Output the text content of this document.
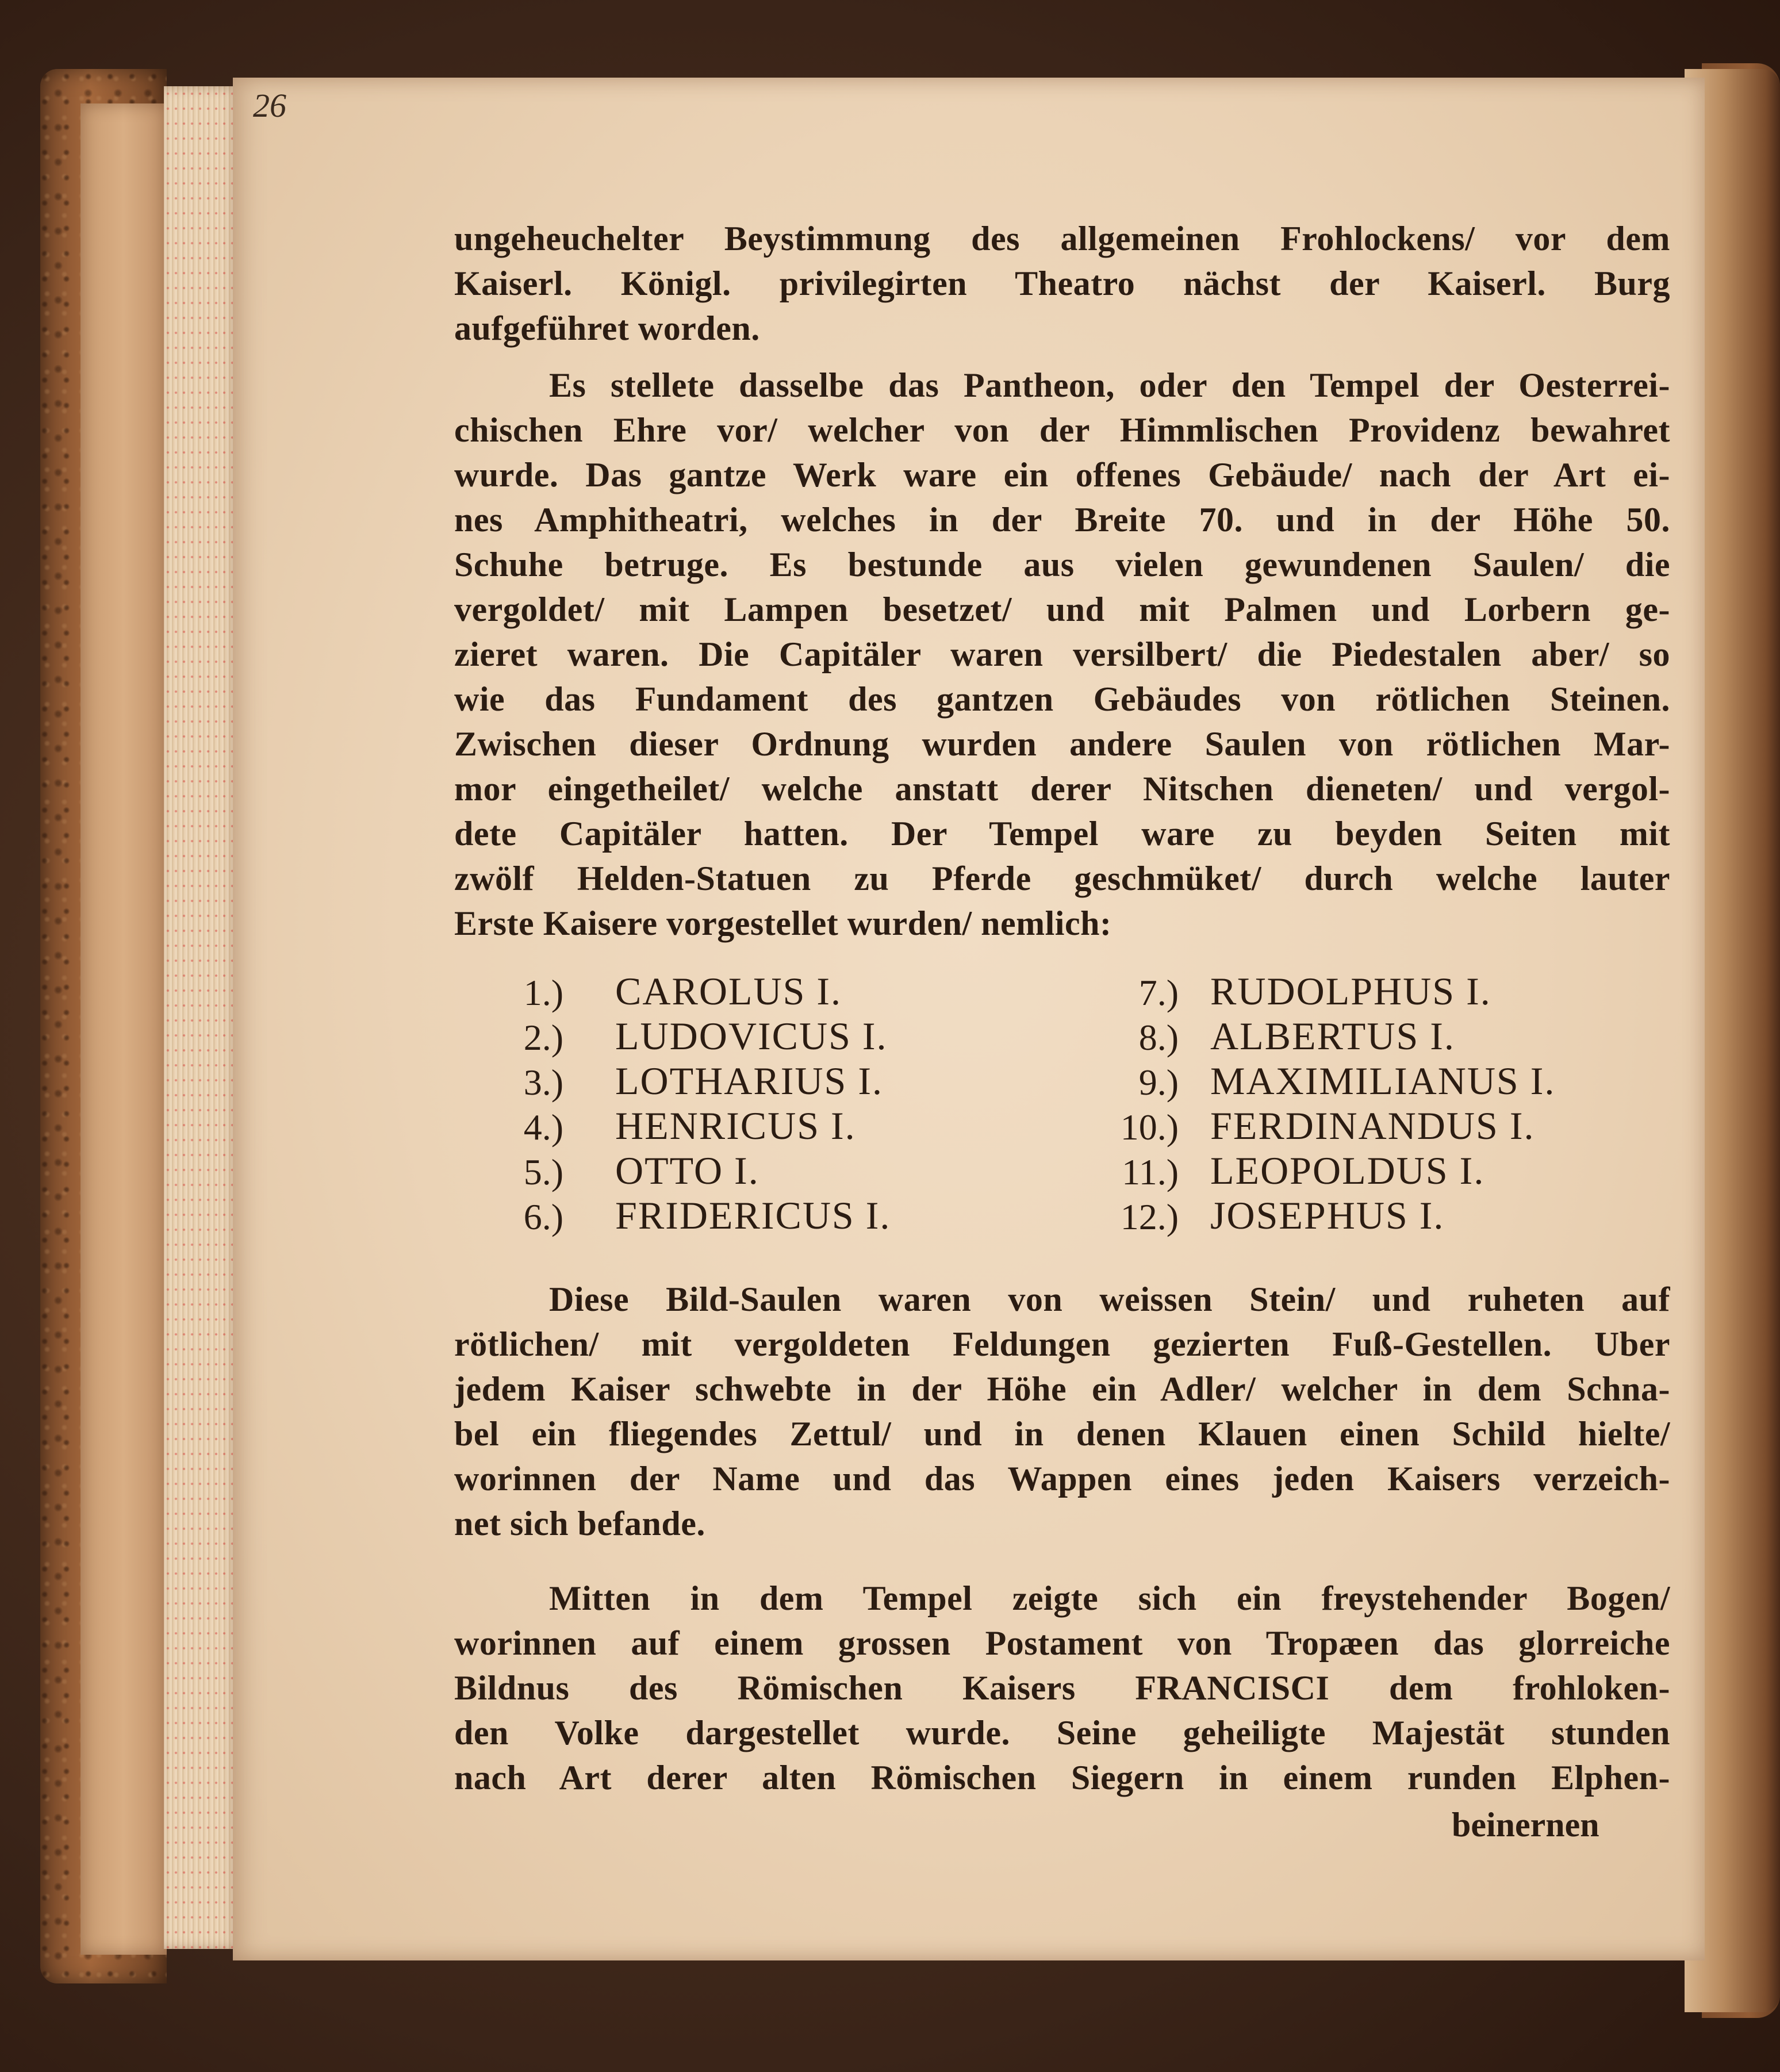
26
ungeheuchelter Beystimmung des allgemeinen Frohlockens/ vor dem
Kaiserl. Königl. privilegirten Theatro nächst der Kaiserl. Burg
aufgeführet worden.
Es stellete dasselbe das Pantheon, oder den Tempel der Oesterrei-
chischen Ehre vor/ welcher von der Himmlischen Providenz bewahret
wurde. Das gantze Werk ware ein offenes Gebäude/ nach der Art ei-
nes Amphitheatri, welches in der Breite 70. und in der Höhe 50.
Schuhe betruge. Es bestunde aus vielen gewundenen Saulen/ die
vergoldet/ mit Lampen besetzet/ und mit Palmen und Lorbern ge-
zieret waren. Die Capitäler waren versilbert/ die Piedestalen aber/ so
wie das Fundament des gantzen Gebäudes von rötlichen Steinen.
Zwischen dieser Ordnung wurden andere Saulen von rötlichen Mar-
mor eingetheilet/ welche anstatt derer Nitschen dieneten/ und vergol-
dete Capitäler hatten. Der Tempel ware zu beyden Seiten mit
zwölf Helden-Statuen zu Pferde geschmüket/ durch welche lauter
Erste Kaisere vorgestellet wurden/ nemlich:
1.) CAROLUS I.
2.) LUDOVICUS I.
3.) LOTHARIUS I.
4.) HENRICUS I.
5.) OTTO I.
6.) FRIDERICUS I.
7.) RUDOLPHUS I.
8.) ALBERTUS I.
9.) MAXIMILIANUS I.
10.) FERDINANDUS I.
11.) LEOPOLDUS I.
12.) JOSEPHUS I.
Diese Bild-Saulen waren von weissen Stein/ und ruheten auf
rötlichen/ mit vergoldeten Feldungen gezierten Fuß-Gestellen. Uber
jedem Kaiser schwebte in der Höhe ein Adler/ welcher in dem Schna-
bel ein fliegendes Zettul/ und in denen Klauen einen Schild hielte/
worinnen der Name und das Wappen eines jeden Kaisers verzeich-
net sich befande.
Mitten in dem Tempel zeigte sich ein freystehender Bogen/
worinnen auf einem grossen Postament von Tropæen das glorreiche
Bildnus des Römischen Kaisers FRANCISCI dem frohloken-
den Volke dargestellet wurde. Seine geheiligte Majestät stunden
nach Art derer alten Römischen Siegern in einem runden Elphen-
beinernen
